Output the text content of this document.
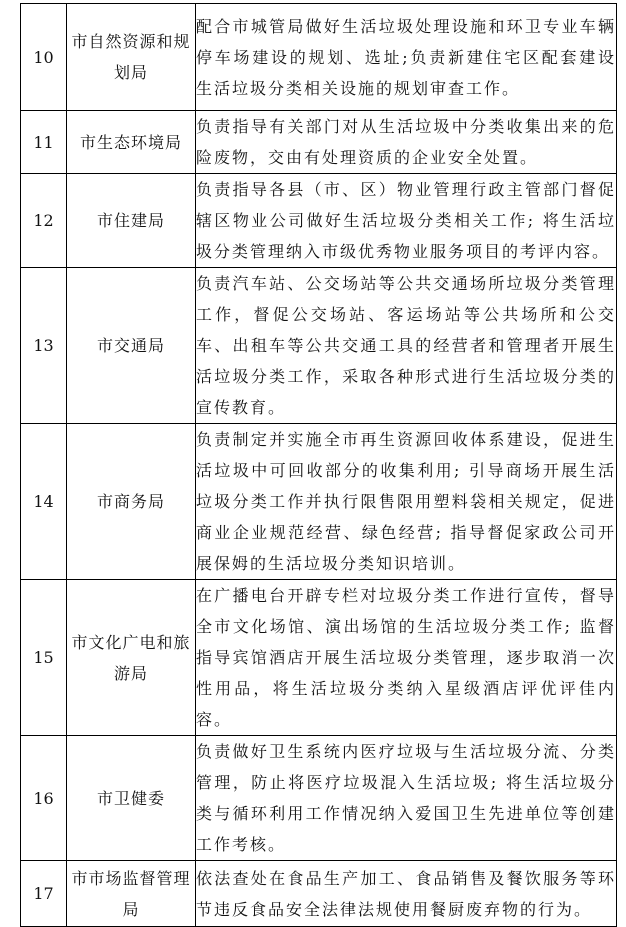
10	市自然资源和规划局	配合市城管局做好生活垃圾处理设施和环卫专业车辆停车场建设的规划、选址;负责新建住宅区配套建设生活垃圾分类相关设施的规划审查工作。
11	市生态环境局	负责指导有关部门对从生活垃圾中分类收集出来的危险废物，交由有处理资质的企业安全处置。
12	市住建局	负责指导各县（市、区）物业管理行政主管部门督促辖区物业公司做好生活垃圾分类相关工作; 将生活垃圾分类管理纳入市级优秀物业服务项目的考评内容。
13	市交通局	负责汽车站、公交场站等公共交通场所垃圾分类管理工作，督促公交场站、客运场站等公共场所和公交车、出租车等公共交通工具的经营者和管理者开展生活垃圾分类工作，采取各种形式进行生活垃圾分类的宣传教育。
14	市商务局	负责制定并实施全市再生资源回收体系建设，促进生活垃圾中可回收部分的收集利用; 引导商场开展生活垃圾分类工作并执行限售限用塑料袋相关规定，促进商业企业规范经营、绿色经营; 指导督促家政公司开展保姆的生活垃圾分类知识培训。
15	市文化广电和旅游局	在广播电台开辟专栏对垃圾分类工作进行宣传，督导全市文化场馆、演出场馆的生活垃圾分类工作; 监督指导宾馆酒店开展生活垃圾分类管理，逐步取消一次性用品，将生活垃圾分类纳入星级酒店评优评佳内容。
16	市卫健委	负责做好卫生系统内医疗垃圾与生活垃圾分流、分类管理，防止将医疗垃圾混入生活垃圾; 将生活垃圾分类与循环利用工作情况纳入爱国卫生先进单位等创建工作考核。
17	市市场监督管理局	依法查处在食品生产加工、食品销售及餐饮服务等环节违反食品安全法律法规使用餐厨废弃物的行为。
